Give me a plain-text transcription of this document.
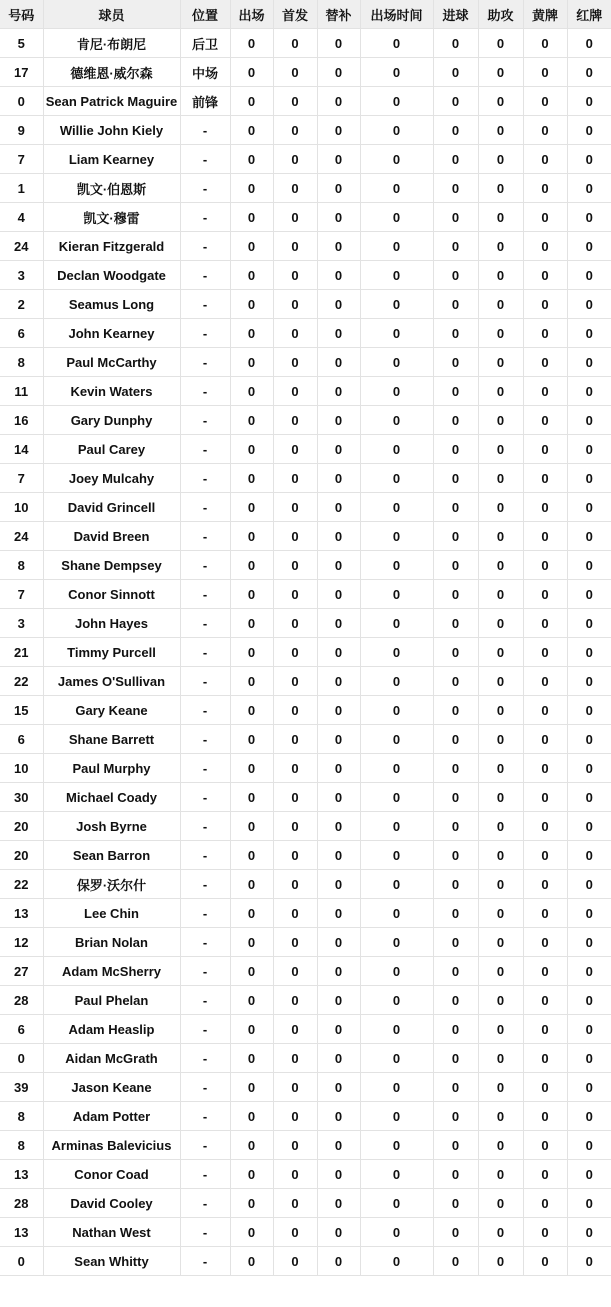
号码	球员	位置	出场	首发	替补	出场时间	进球	助攻	黄牌	红牌
5	肯尼·布朗尼	后卫	0	0	0	0	0	0	0	0
17	德维恩·威尔森	中场	0	0	0	0	0	0	0	0
0	Sean Patrick Maguire	前锋	0	0	0	0	0	0	0	0
9	Willie John Kiely	-	0	0	0	0	0	0	0	0
7	Liam Kearney	-	0	0	0	0	0	0	0	0
1	凯文·伯恩斯	-	0	0	0	0	0	0	0	0
4	凯文·穆雷	-	0	0	0	0	0	0	0	0
24	Kieran Fitzgerald	-	0	0	0	0	0	0	0	0
3	Declan Woodgate	-	0	0	0	0	0	0	0	0
2	Seamus Long	-	0	0	0	0	0	0	0	0
6	John Kearney	-	0	0	0	0	0	0	0	0
8	Paul McCarthy	-	0	0	0	0	0	0	0	0
11	Kevin Waters	-	0	0	0	0	0	0	0	0
16	Gary Dunphy	-	0	0	0	0	0	0	0	0
14	Paul Carey	-	0	0	0	0	0	0	0	0
7	Joey Mulcahy	-	0	0	0	0	0	0	0	0
10	David Grincell	-	0	0	0	0	0	0	0	0
24	David Breen	-	0	0	0	0	0	0	0	0
8	Shane Dempsey	-	0	0	0	0	0	0	0	0
7	Conor Sinnott	-	0	0	0	0	0	0	0	0
3	John Hayes	-	0	0	0	0	0	0	0	0
21	Timmy Purcell	-	0	0	0	0	0	0	0	0
22	James O'Sullivan	-	0	0	0	0	0	0	0	0
15	Gary Keane	-	0	0	0	0	0	0	0	0
6	Shane Barrett	-	0	0	0	0	0	0	0	0
10	Paul Murphy	-	0	0	0	0	0	0	0	0
30	Michael Coady	-	0	0	0	0	0	0	0	0
20	Josh Byrne	-	0	0	0	0	0	0	0	0
20	Sean Barron	-	0	0	0	0	0	0	0	0
22	保罗·沃尔什	-	0	0	0	0	0	0	0	0
13	Lee Chin	-	0	0	0	0	0	0	0	0
12	Brian Nolan	-	0	0	0	0	0	0	0	0
27	Adam McSherry	-	0	0	0	0	0	0	0	0
28	Paul Phelan	-	0	0	0	0	0	0	0	0
6	Adam Heaslip	-	0	0	0	0	0	0	0	0
0	Aidan McGrath	-	0	0	0	0	0	0	0	0
39	Jason Keane	-	0	0	0	0	0	0	0	0
8	Adam Potter	-	0	0	0	0	0	0	0	0
8	Arminas Balevicius	-	0	0	0	0	0	0	0	0
13	Conor Coad	-	0	0	0	0	0	0	0	0
28	David Cooley	-	0	0	0	0	0	0	0	0
13	Nathan West	-	0	0	0	0	0	0	0	0
0	Sean Whitty	-	0	0	0	0	0	0	0	0
